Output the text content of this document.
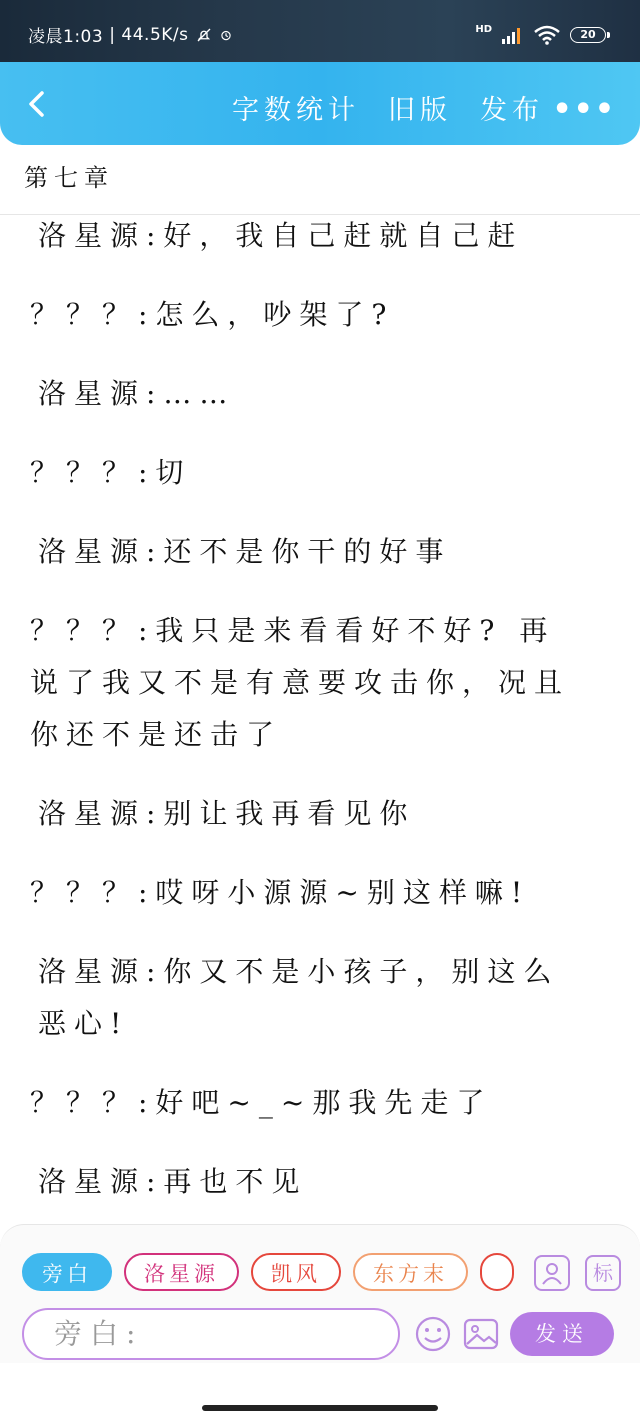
凌晨1:03 | 44.5K/s	HD	20
字数统计 旧版 发布 •••
第七章
洛星源:好，我自己赶就自己赶
？？？:怎么，吵架了?
洛星源:……
？？？:切
洛星源:还不是你干的好事
？？？:我只是来看看好不好? 再说了我又不是有意要攻击你，况且你还不是还击了
洛星源:别让我再看见你
？？？:哎呀小源源~别这样嘛!
洛星源:你又不是小孩子，别这么恶心!
？？？:好吧~_~那我先走了
洛星源:再也不见
旁白	洛星源	凯风	东方末	标
旁白:	发送
